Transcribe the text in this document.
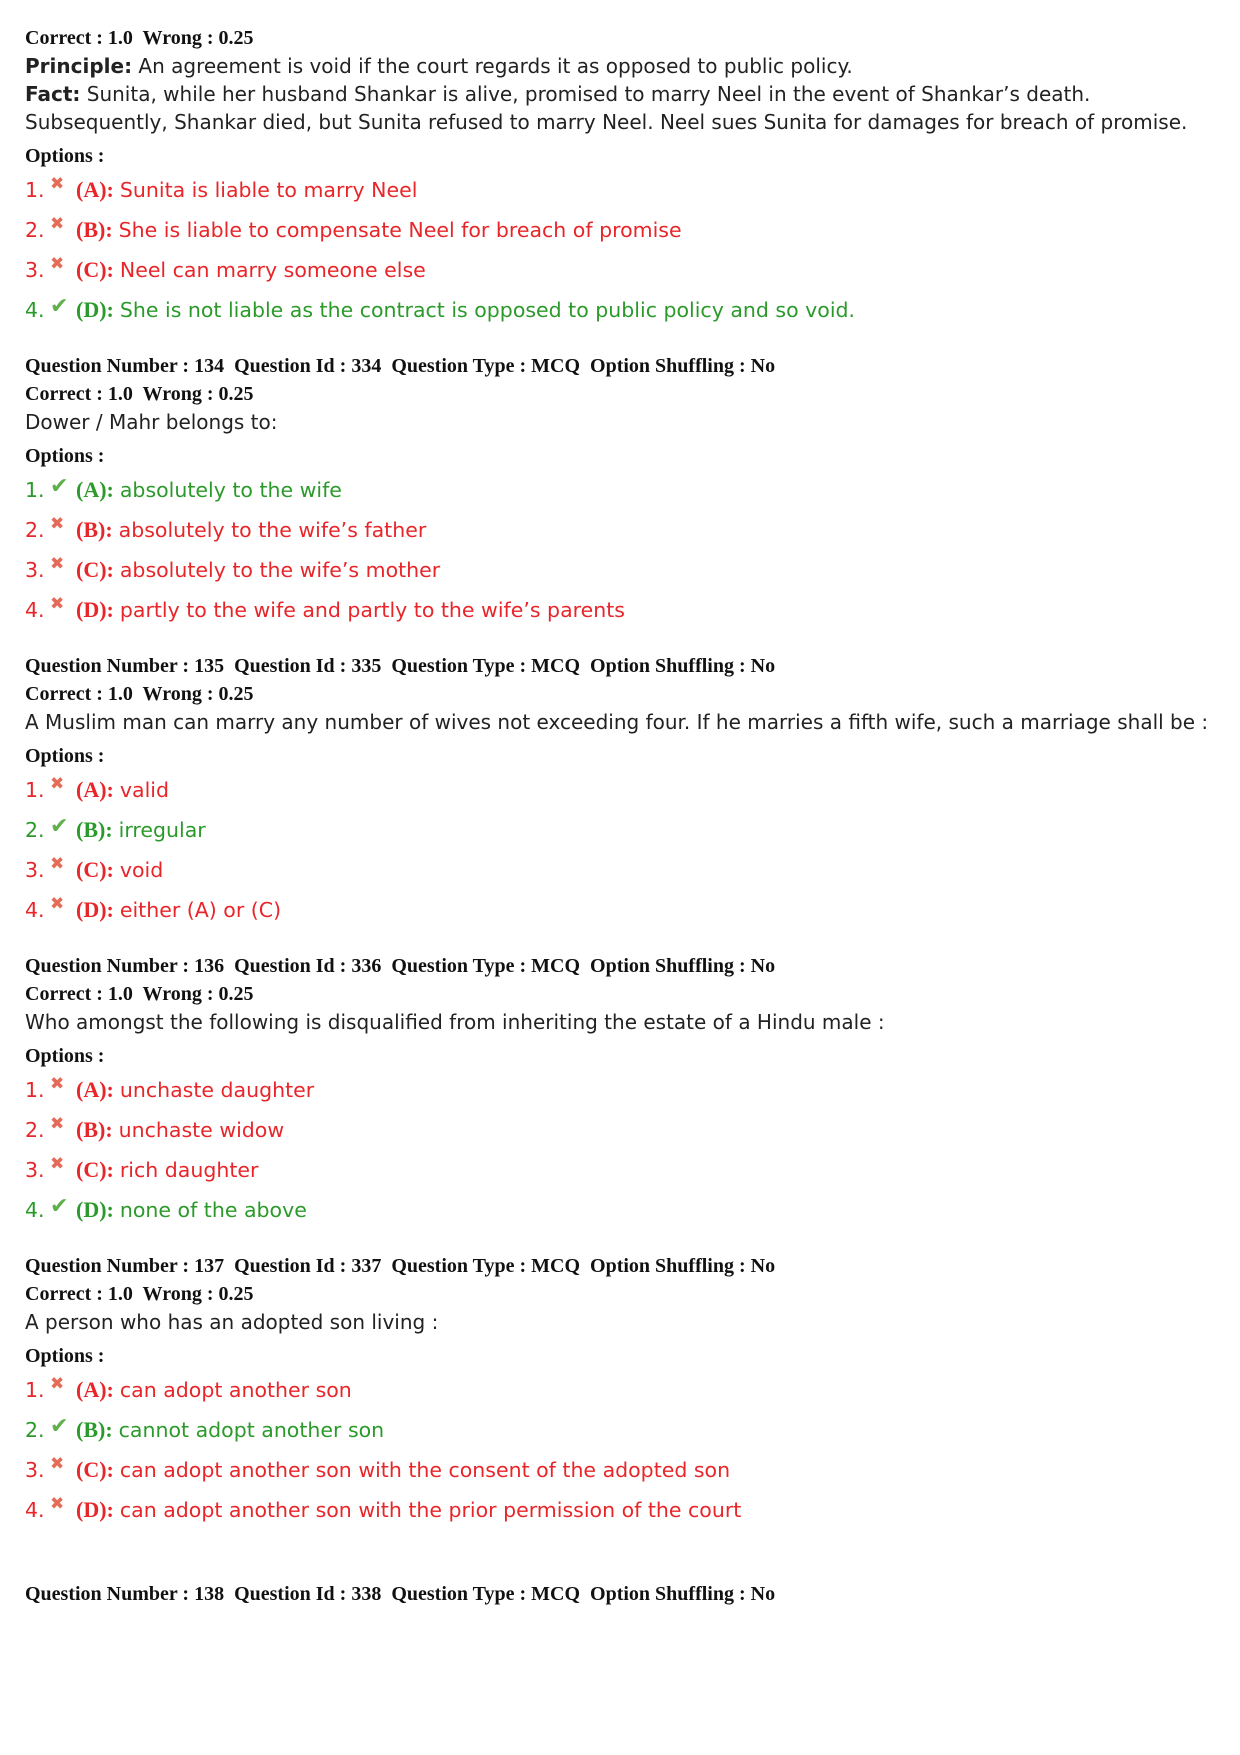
Correct : 1.0  Wrong : 0.25

Principle: An agreement is void if the court regards it as opposed to public policy.

Fact: Sunita, while her husband Shankar is alive, promised to marry Neel in the event of Shankar’s death. Subsequently, Shankar died, but Sunita refused to marry Neel. Neel sues Sunita for damages for breach of promise.

Options :
1. ✖ (A): Sunita is liable to marry Neel
2. ✖ (B): She is liable to compensate Neel for breach of promise
3. ✖ (C): Neel can marry someone else
4. ✔ (D): She is not liable as the contract is opposed to public policy and so void.
Question Number : 134  Question Id : 334  Question Type : MCQ  Option Shuffling : No
Correct : 1.0  Wrong : 0.25

Dower / Mahr belongs to:

Options :
1. ✔ (A): absolutely to the wife
2. ✖ (B): absolutely to the wife’s father
3. ✖ (C): absolutely to the wife’s mother
4. ✖ (D): partly to the wife and partly to the wife’s parents
Question Number : 135  Question Id : 335  Question Type : MCQ  Option Shuffling : No
Correct : 1.0  Wrong : 0.25

A Muslim man can marry any number of wives not exceeding four. If he marries a fifth wife, such a marriage shall be :

Options :
1. ✖ (A): valid
2. ✔ (B): irregular
3. ✖ (C): void
4. ✖ (D): either (A) or (C)
Question Number : 136  Question Id : 336  Question Type : MCQ  Option Shuffling : No
Correct : 1.0  Wrong : 0.25

Who amongst the following is disqualified from inheriting the estate of a Hindu male :

Options :
1. ✖ (A): unchaste daughter
2. ✖ (B): unchaste widow
3. ✖ (C): rich daughter
4. ✔ (D): none of the above
Question Number : 137  Question Id : 337  Question Type : MCQ  Option Shuffling : No
Correct : 1.0  Wrong : 0.25

A person who has an adopted son living :

Options :
1. ✖ (A): can adopt another son
2. ✔ (B): cannot adopt another son
3. ✖ (C): can adopt another son with the consent of the adopted son
4. ✖ (D): can adopt another son with the prior permission of the court
Question Number : 138  Question Id : 338  Question Type : MCQ  Option Shuffling : No
